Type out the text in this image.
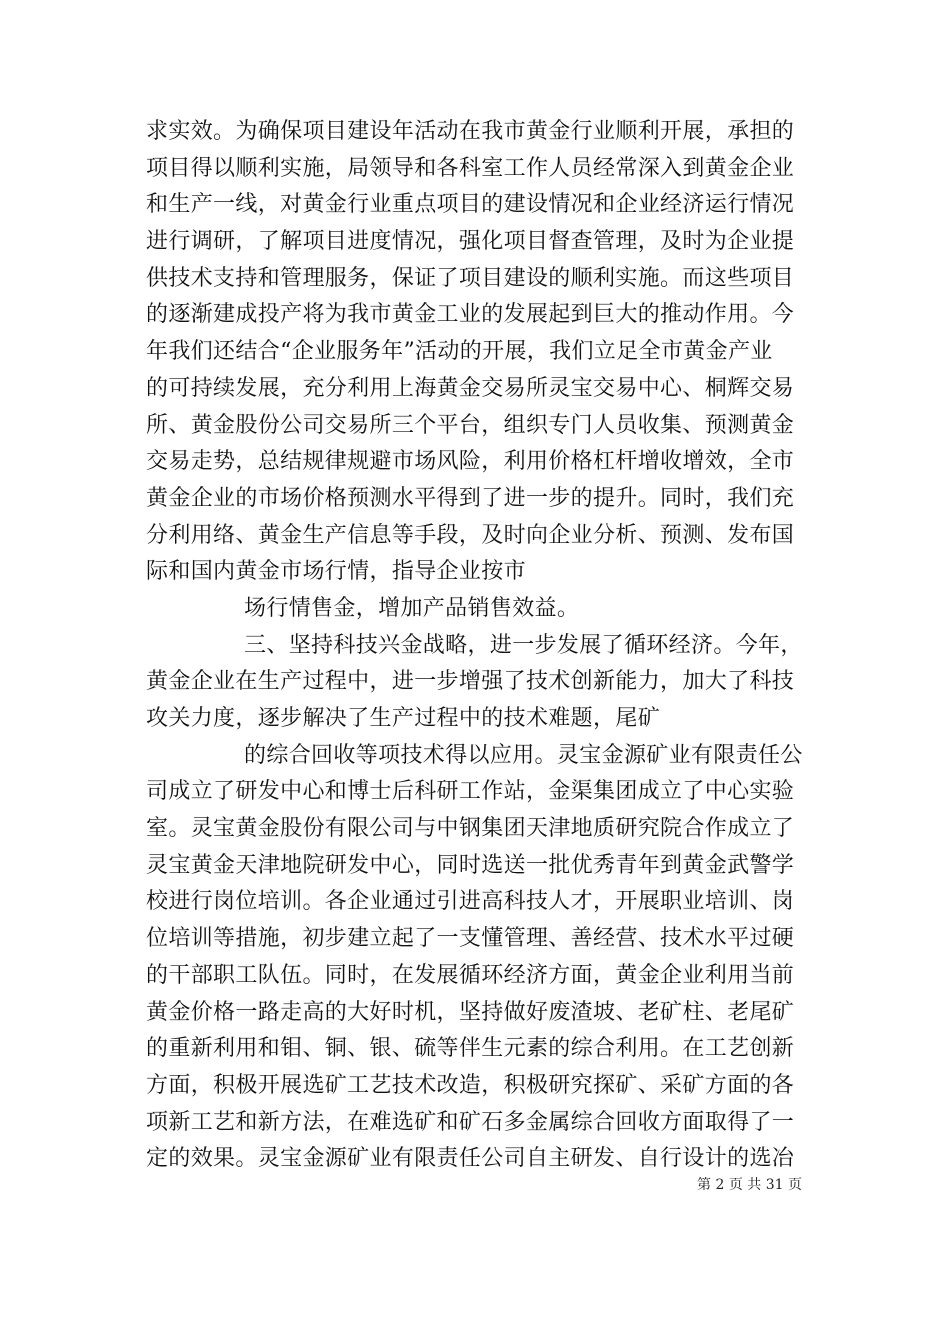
求实效。为确保项目建设年活动在我市黄金行业顺利开展，承担的
项目得以顺利实施，局领导和各科室工作人员经常深入到黄金企业
和生产一线，对黄金行业重点项目的建设情况和企业经济运行情况
进行调研，了解项目进度情况，强化项目督查管理，及时为企业提
供技术支持和管理服务，保证了项目建设的顺利实施。而这些项目
的逐渐建成投产将为我市黄金工业的发展起到巨大的推动作用。今
年我们还结合“企业服务年”活动的开展，我们立足全市黄金产业
的可持续发展，充分利用上海黄金交易所灵宝交易中心、桐辉交易
所、黄金股份公司交易所三个平台，组织专门人员收集、预测黄金
交易走势，总结规律规避市场风险，利用价格杠杆增收增效，全市
黄金企业的市场价格预测水平得到了进一步的提升。同时，我们充
分利用络、黄金生产信息等手段，及时向企业分析、预测、发布国
际和国内黄金市场行情，指导企业按市
场行情售金，增加产品销售效益。
三、坚持科技兴金战略，进一步发展了循环经济。今年，
黄金企业在生产过程中，进一步增强了技术创新能力，加大了科技
攻关力度，逐步解决了生产过程中的技术难题，尾矿
的综合回收等项技术得以应用。灵宝金源矿业有限责任公
司成立了研发中心和博士后科研工作站，金渠集团成立了中心实验
室。灵宝黄金股份有限公司与中钢集团天津地质研究院合作成立了
灵宝黄金天津地院研发中心，同时选送一批优秀青年到黄金武警学
校进行岗位培训。各企业通过引进高科技人才，开展职业培训、岗
位培训等措施，初步建立起了一支懂管理、善经营、技术水平过硬
的干部职工队伍。同时，在发展循环经济方面，黄金企业利用当前
黄金价格一路走高的大好时机，坚持做好废渣坡、老矿柱、老尾矿
的重新利用和钼、铜、银、硫等伴生元素的综合利用。在工艺创新
方面，积极开展选矿工艺技术改造，积极研究探矿、采矿方面的各
项新工艺和新方法，在难选矿和矿石多金属综合回收方面取得了一
定的效果。灵宝金源矿业有限责任公司自主研发、自行设计的选冶
第 2 页 共 31 页
